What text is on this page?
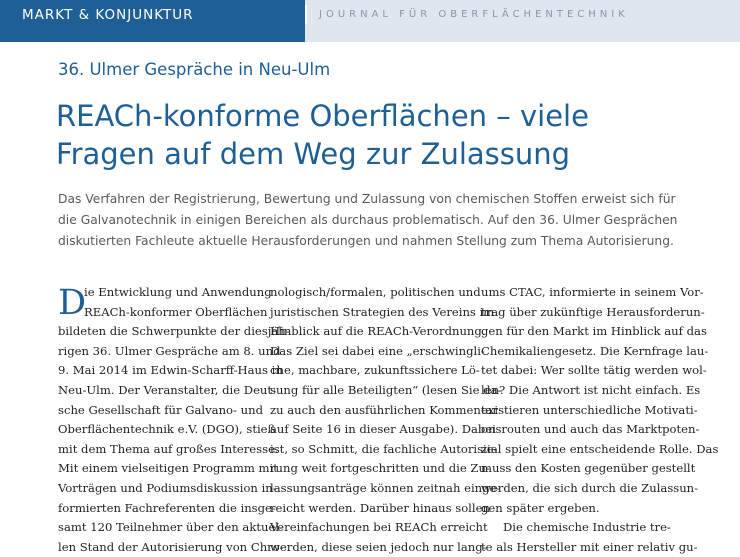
MARKT & KONJUNKTUR	JOURNAL FÜR OBERFLÄCHENTECHNIK
36. Ulmer Gespräche in Neu-Ulm
REACh-konforme Oberflächen – viele
Fragen auf dem Weg zur Zulassung
Das Verfahren der Registrierung, Bewertung und Zulassung von chemischen Stoffen erweist sich für
die Galvanotechnik in einigen Bereichen als durchaus problematisch. Auf den 36. Ulmer Gesprächen
diskutierten Fachleute aktuelle Herausforderungen und nahmen Stellung zum Thema Autorisierung.
D
ie Entwicklung und Anwendung
REACh-konformer Oberflächen
bildeten die Schwerpunkte der diesjäh-
rigen 36. Ulmer Gespräche am 8. und
9. Mai 2014 im Edwin-Scharff-Haus in
Neu-Ulm. Der Veranstalter, die Deut-
sche Gesellschaft für Galvano- und
Oberflächentechnik e.V. (DGO), stieß
mit dem Thema auf großes Interesse.
Mit einem vielseitigen Programm mit
Vorträgen und Podiumsdiskussion in-
formierten Fachreferenten die insge-
samt 120 Teilnehmer über den aktuel-
len Stand der Autorisierung von Chro-
nologisch/formalen, politischen und
juristischen Strategien des Vereins im
Hinblick auf die REACh-Verordnung.
Das Ziel sei dabei eine „erschwingli-
che, machbare, zukunftssichere Lö-
sung für alle Beteiligten“ (lesen Sie da-
zu auch den ausführlichen Kommentar
auf Seite 16 in dieser Ausgabe). Dabei
ist, so Schmitt, die fachliche Autorisie-
rung weit fortgeschritten und die Zu-
lassungsanträge können zeitnah einge-
reicht werden. Darüber hinaus sollen
Vereinfachungen bei REACh erreicht
werden, diese seien jedoch nur lang-
ums CTAC, informierte in seinem Vor-
trag über zukünftige Herausforderun-
gen für den Markt im Hinblick auf das
Chemikaliengesetz. Die Kernfrage lau-
tet dabei: Wer sollte tätig werden wol-
len? Die Antwort ist nicht einfach. Es
existieren unterschiedliche Motivati-
onsrouten und auch das Marktpoten-
zial spielt eine entscheidende Rolle. Das
muss den Kosten gegenüber gestellt
werden, die sich durch die Zulassun-
gen später ergeben.
Die chemische Industrie tre-
te als Hersteller mit einer relativ gu-
